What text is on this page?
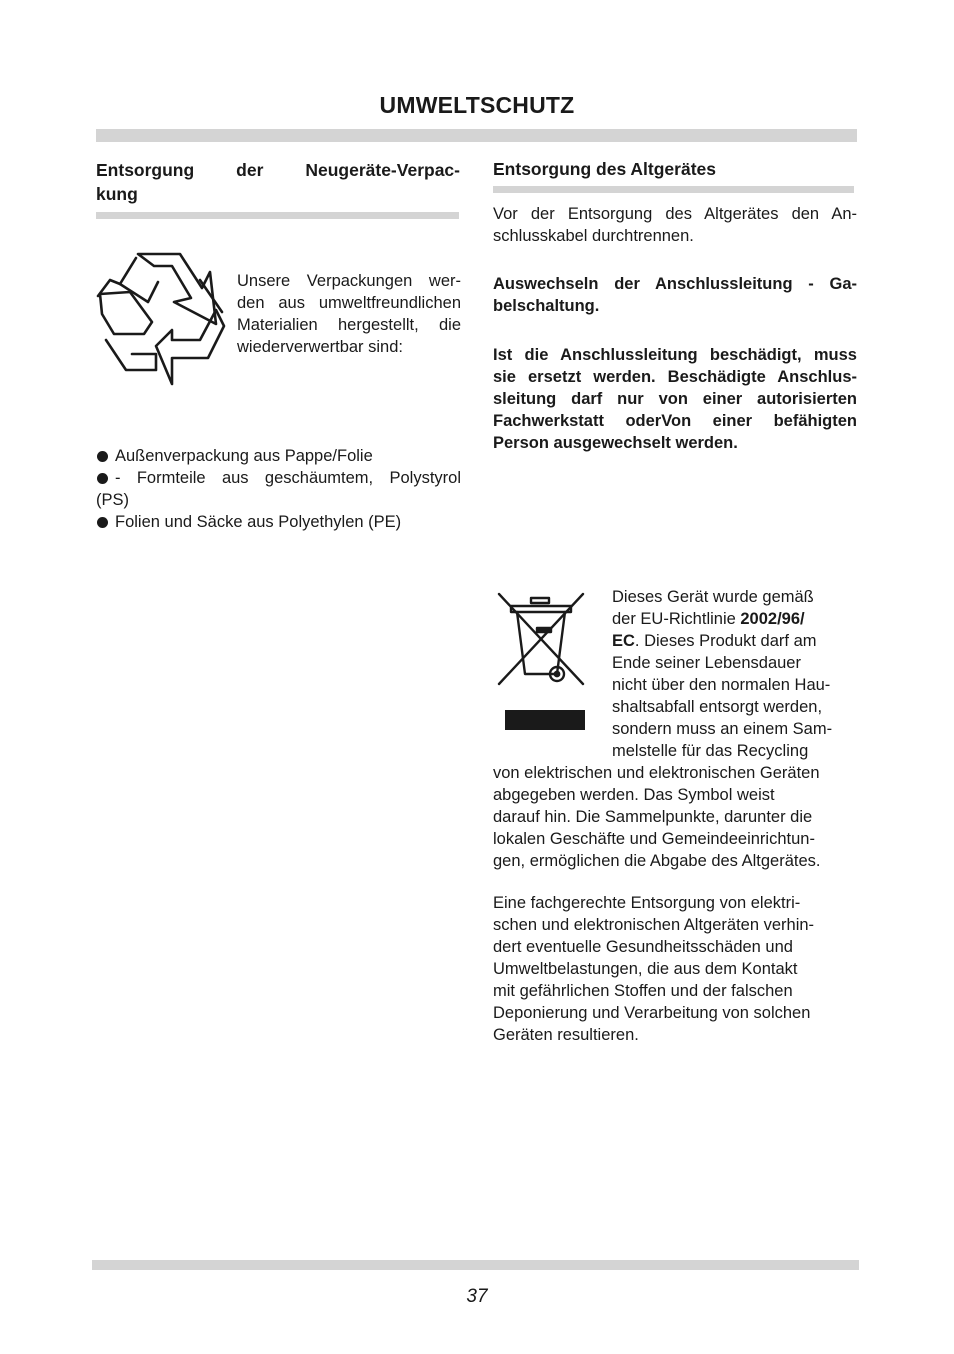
UMWELTSCHUTZ
Entsorgung der Neugeräte-Verpac-
kung
Unsere Verpackungen wer-
den aus umweltfreundlichen
Materialien hergestellt, die
wiederverwertbar sind:
Außenverpackung aus Pappe/Folie
- Formteile aus geschäumtem, Polystyrol
(PS)
Folien und Säcke aus Polyethylen (PE)
Entsorgung des Altgerätes
Vor der Entsorgung des Altgerätes den An-
schlusskabel durchtrennen.
Auswechseln der Anschlussleitung - Ga-
belschaltung.
Ist die Anschlussleitung beschädigt, muss
sie ersetzt werden. Beschädigte Anschlus-
sleitung darf nur von einer autorisierten
Fachwerkstatt oderVon einer befähigten
Person ausgewechselt werden.
Dieses Gerät wurde gemäß
der EU-Richtlinie 2002/96/
EC. Dieses Produkt darf am
Ende seiner Lebensdauer
nicht über den normalen Hau-
shaltsabfall entsorgt werden,
sondern muss an einem Sam-
melstelle für das Recycling
von elektrischen und elektronischen Geräten
abgegeben werden. Das Symbol weist
darauf hin. Die Sammelpunkte, darunter die
lokalen Geschäfte und Gemeindeeinrichtun-
gen, ermöglichen die Abgabe des Altgerätes.
Eine fachgerechte Entsorgung von elektri-
schen und elektronischen Altgeräten verhin-
dert eventuelle Gesundheitsschäden und
Umweltbelastungen, die aus dem Kontakt
mit gefährlichen Stoffen und der falschen
Deponierung und Verarbeitung von solchen
Geräten resultieren.
37
